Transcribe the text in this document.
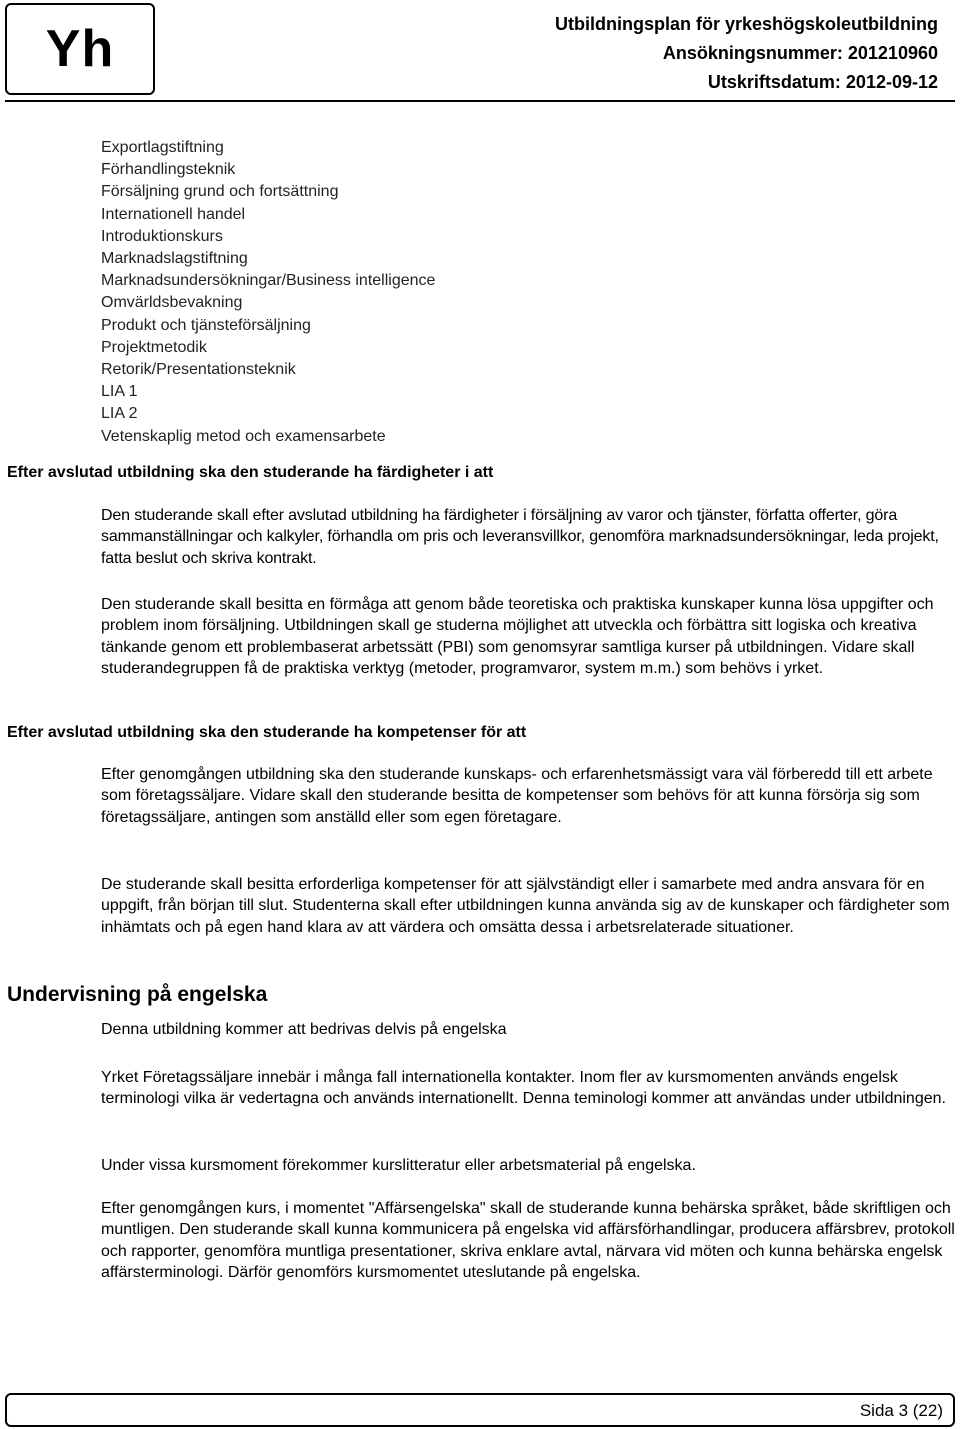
Yh	Utbildningsplan för yrkeshögskoleutbildning
Ansökningsnummer: 201210960
Utskriftsdatum: 2012-09-12
Exportlagstiftning
Förhandlingsteknik
Försäljning grund och fortsättning
Internationell handel
Introduktionskurs
Marknadslagstiftning
Marknadsundersökningar/Business intelligence
Omvärldsbevakning
Produkt och tjänsteförsäljning
Projektmetodik
Retorik/Presentationsteknik
LIA 1
LIA 2
Vetenskaplig metod och examensarbete
Efter avslutad utbildning ska den studerande ha färdigheter i att
Den studerande skall efter avslutad utbildning ha färdigheter i försäljning av varor och tjänster, författa offerter, göra sammanställningar och kalkyler, förhandla om pris och leveransvillkor, genomföra marknadsundersökningar, leda projekt, fatta beslut och skriva kontrakt.
Den studerande skall besitta en förmåga att genom både teoretiska och praktiska kunskaper kunna lösa uppgifter och problem inom försäljning. Utbildningen skall ge studerna möjlighet att utveckla och förbättra sitt logiska och kreativa tänkande genom ett problembaserat arbetssätt (PBI) som genomsyrar samtliga kurser på utbildningen. Vidare skall studerandegruppen få de praktiska verktyg (metoder, programvaror, system m.m.) som behövs i yrket.
Efter avslutad utbildning ska den studerande ha kompetenser för att
Efter genomgången utbildning ska den studerande kunskaps- och erfarenhetsmässigt vara väl förberedd till ett arbete som företagssäljare. Vidare skall den studerande besitta de kompetenser som behövs för att kunna försörja sig som företagssäljare, antingen som anställd eller som egen företagare.
De studerande skall besitta erforderliga kompetenser för att självständigt eller i samarbete med andra ansvara för en uppgift, från början till slut. Studenterna skall efter utbildningen kunna använda sig av de kunskaper och färdigheter som inhämtats och på egen hand klara av att värdera och omsätta dessa i arbetsrelaterade situationer.
Undervisning på engelska
Denna utbildning kommer att bedrivas delvis på engelska
Yrket Företagssäljare innebär i många fall internationella kontakter. Inom fler av kursmomenten används engelsk terminologi vilka är vedertagna och används internationellt. Denna teminologi kommer att användas under utbildningen.
Under vissa kursmoment förekommer kurslitteratur eller arbetsmaterial på engelska.
Efter genomgången kurs, i momentet "Affärsengelska" skall de studerande kunna behärska språket, både skriftligen och muntligen. Den studerande skall kunna kommunicera på engelska vid affärsförhandlingar, producera affärsbrev, protokoll och rapporter, genomföra muntliga presentationer, skriva enklare avtal, närvara vid möten och kunna behärska engelsk affärsterminologi. Därför genomförs kursmomentet uteslutande på engelska.
Sida 3 (22)
